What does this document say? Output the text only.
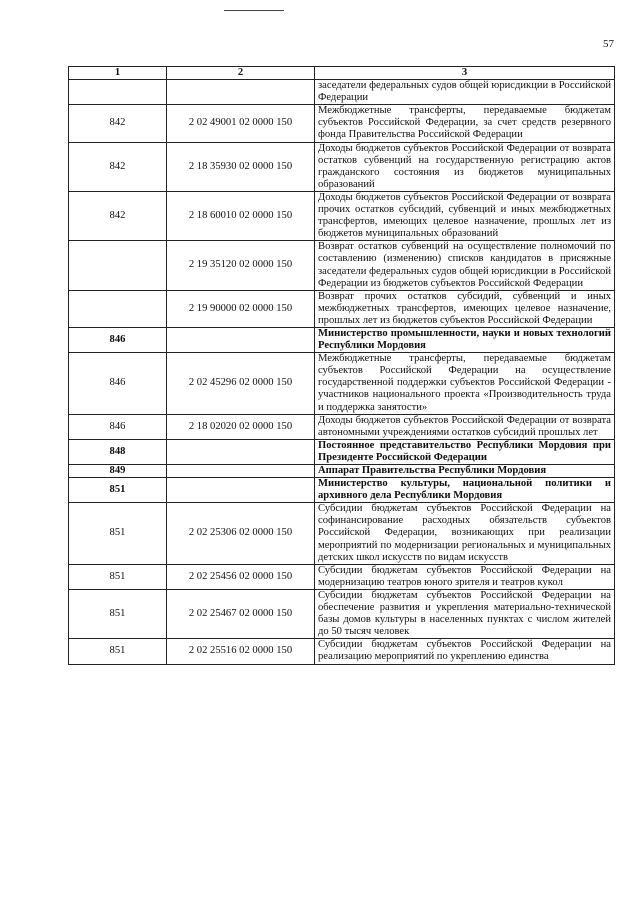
57
1	2	3
		заседатели федеральных судов общей юрисдикции в Российской Федерации
842	2 02 49001 02 0000 150	Межбюджетные трансферты, передаваемые бюджетам субъектов Российской Федерации, за счет средств резервного фонда Правительства Российской Федерации
842	2 18 35930 02 0000 150	Доходы бюджетов субъектов Российской Федерации от возврата остатков субвенций на государственную регистрацию актов гражданского состояния из бюджетов муниципальных образований
842	2 18 60010 02 0000 150	Доходы бюджетов субъектов Российской Федерации от возврата прочих остатков субсидий, субвенций и иных межбюджетных трансфертов, имеющих целевое назначение, прошлых лет из бюджетов муниципальных образований
	2 19 35120 02 0000 150	Возврат остатков субвенций на осуществление полномочий по составлению (изменению) списков кандидатов в присяжные заседатели федеральных судов общей юрисдикции в Российской Федерации из бюджетов субъектов Российской Федерации
	2 19 90000 02 0000 150	Возврат прочих остатков субсидий, субвенций и иных межбюджетных трансфертов, имеющих целевое назначение, прошлых лет из бюджетов субъектов Российской Федерации
846		Министерство промышленности, науки и новых технологий Республики Мордовия
846	2 02 45296 02 0000 150	Межбюджетные трансферты, передаваемые бюджетам субъектов Российской Федерации на осуществление государственной поддержки субъектов Российской Федерации - участников национального проекта «Производительность труда и поддержка занятости»
846	2 18 02020 02 0000 150	Доходы бюджетов субъектов Российской Федерации от возврата автономными учреждениями остатков субсидий прошлых лет
848		Постоянное представительство Республики Мордовия при Президенте Российской Федерации
849		Аппарат Правительства Республики Мордовия
851		Министерство культуры, национальной политики и архивного дела Республики Мордовия
851	2 02 25306 02 0000 150	Субсидии бюджетам субъектов Российской Федерации на софинансирование расходных обязательств субъектов Российской Федерации, возникающих при реализации мероприятий по модернизации региональных и муниципальных детских школ искусств по видам искусств
851	2 02 25456 02 0000 150	Субсидии бюджетам субъектов Российской Федерации на модернизацию театров юного зрителя и театров кукол
851	2 02 25467 02 0000 150	Субсидии бюджетам субъектов Российской Федерации на обеспечение развития и укрепления материально-технической базы домов культуры в населенных пунктах с числом жителей до 50 тысяч человек
851	2 02 25516 02 0000 150	Субсидии бюджетам субъектов Российской Федерации на реализацию мероприятий по укреплению единства
